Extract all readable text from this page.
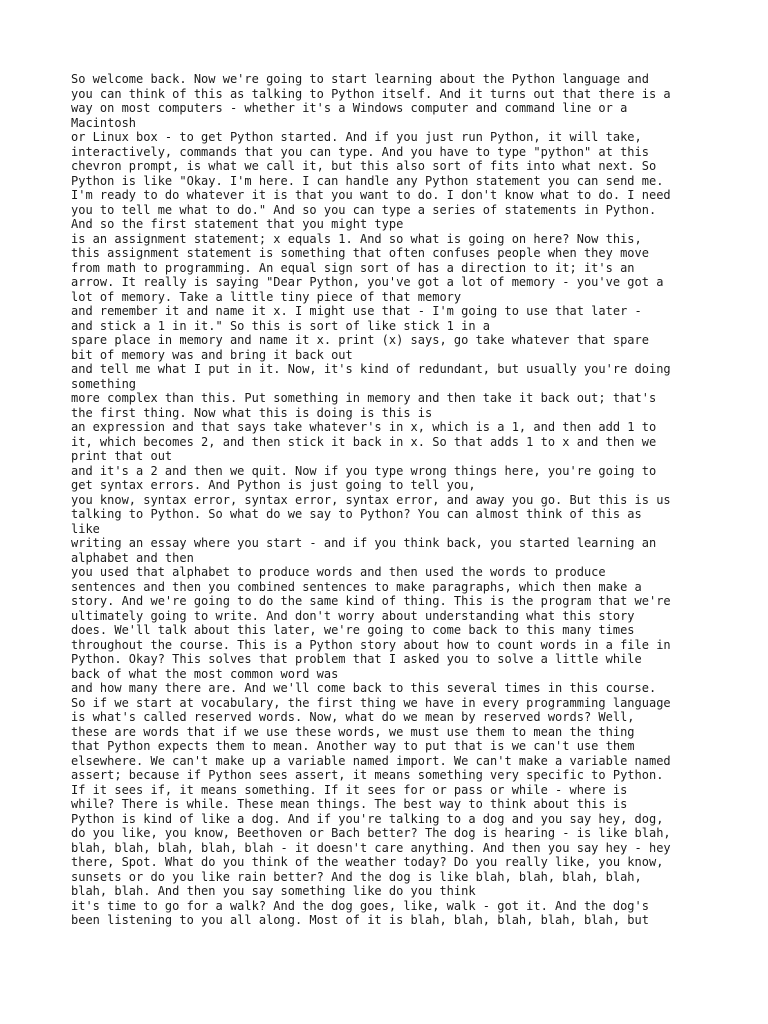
So welcome back. Now we're going to start learning about the Python language and
you can think of this as talking to Python itself. And it turns out that there is a
way on most computers - whether it's a Windows computer and command line or a
Macintosh
or Linux box - to get Python started. And if you just run Python, it will take,
interactively, commands that you can type. And you have to type "python" at this
chevron prompt, is what we call it, but this also sort of fits into what next. So
Python is like "Okay. I'm here. I can handle any Python statement you can send me.
I'm ready to do whatever it is that you want to do. I don't know what to do. I need
you to tell me what to do." And so you can type a series of statements in Python.
And so the first statement that you might type
is an assignment statement; x equals 1. And so what is going on here? Now this,
this assignment statement is something that often confuses people when they move
from math to programming. An equal sign sort of has a direction to it; it's an
arrow. It really is saying "Dear Python, you've got a lot of memory - you've got a
lot of memory. Take a little tiny piece of that memory
and remember it and name it x. I might use that - I'm going to use that later -
and stick a 1 in it." So this is sort of like stick 1 in a
spare place in memory and name it x. print (x) says, go take whatever that spare
bit of memory was and bring it back out
and tell me what I put in it. Now, it's kind of redundant, but usually you're doing
something
more complex than this. Put something in memory and then take it back out; that's
the first thing. Now what this is doing is this is
an expression and that says take whatever's in x, which is a 1, and then add 1 to
it, which becomes 2, and then stick it back in x. So that adds 1 to x and then we
print that out
and it's a 2 and then we quit. Now if you type wrong things here, you're going to
get syntax errors. And Python is just going to tell you,
you know, syntax error, syntax error, syntax error, and away you go. But this is us
talking to Python. So what do we say to Python? You can almost think of this as
like
writing an essay where you start - and if you think back, you started learning an
alphabet and then
you used that alphabet to produce words and then used the words to produce
sentences and then you combined sentences to make paragraphs, which then make a
story. And we're going to do the same kind of thing. This is the program that we're
ultimately going to write. And don't worry about understanding what this story
does. We'll talk about this later, we're going to come back to this many times
throughout the course. This is a Python story about how to count words in a file in
Python. Okay? This solves that problem that I asked you to solve a little while
back of what the most common word was
and how many there are. And we'll come back to this several times in this course.
So if we start at vocabulary, the first thing we have in every programming language
is what's called reserved words. Now, what do we mean by reserved words? Well,
these are words that if we use these words, we must use them to mean the thing
that Python expects them to mean. Another way to put that is we can't use them
elsewhere. We can't make up a variable named import. We can't make a variable named
assert; because if Python sees assert, it means something very specific to Python.
If it sees if, it means something. If it sees for or pass or while - where is
while? There is while. These mean things. The best way to think about this is
Python is kind of like a dog. And if you're talking to a dog and you say hey, dog,
do you like, you know, Beethoven or Bach better? The dog is hearing - is like blah,
blah, blah, blah, blah, blah - it doesn't care anything. And then you say hey - hey
there, Spot. What do you think of the weather today? Do you really like, you know,
sunsets or do you like rain better? And the dog is like blah, blah, blah, blah,
blah, blah. And then you say something like do you think
it's time to go for a walk? And the dog goes, like, walk - got it. And the dog's
been listening to you all along. Most of it is blah, blah, blah, blah, blah, but
